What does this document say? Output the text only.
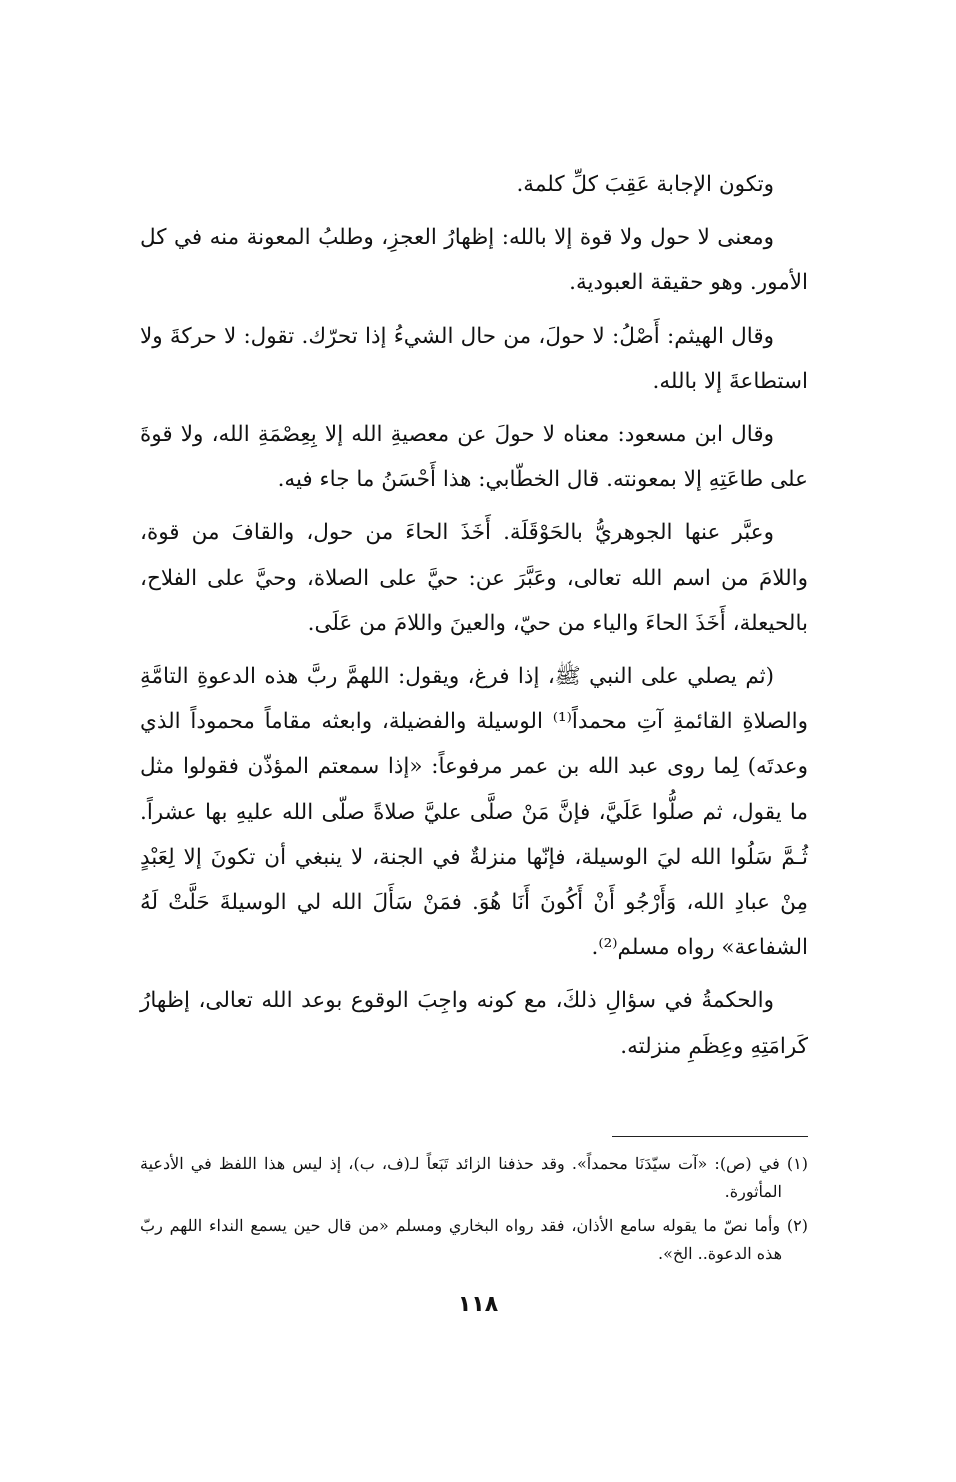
وتكون الإجابة عَقِبَ كلِّ كلمة.

ومعنى لا حول ولا قوة إلا بالله: إظهارُ العجزِ، وطلبُ المعونة منه في كل الأمور. وهو حقيقة العبودية.

وقال الهيثم: أَصْلُ: لا حولَ، من حال الشيءُ إذا تحرّك. تقول: لا حركةَ ولا استطاعةَ إلا بالله.

وقال ابن مسعود: معناه لا حولَ عن معصيةِ الله إلا بِعِصْمَةِ الله، ولا قوةَ على طاعَتِهِ إلا بمعونته. قال الخطّابي: هذا أَحْسَنُ ما جاء فيه.

وعبَّر عنها الجوهريُّ بالحَوْقَلَة. أَخَذَ الحاءَ من حول، والقافَ من قوة، واللامَ من اسم الله تعالى، وعَبَّرَ عن: حيَّ على الصلاة، وحيَّ على الفلاح، بالحيعلة، أَخَذَ الحاءَ والياء من حيّ، والعينَ واللامَ من عَلَى.

(ثم يصلي على النبي ﷺ، إذا فرغ، ويقول: اللهمَّ ربَّ هذه الدعوةِ التامَّةِ والصلاةِ القائمةِ آتِ محمداً⁽¹⁾ الوسيلة والفضيلة، وابعثه مقاماً محموداً الذي وعدتَه) لِما روى عبد الله بن عمر مرفوعاً: «إذا سمعتم المؤذّن فقولوا مثل ما يقول، ثم صلُّوا عَلَيَّ، فإنَّ مَنْ صلَّى عليَّ صلاةً صلّى الله عليهِ بها عشراً. ثُـمَّ سَلُوا الله ليَ الوسيلة، فإنّها منزلةٌ في الجنة، لا ينبغي أن تكونَ إلا لِعَبْدٍ مِنْ عبادِ الله، وَأَرْجُو أَنْ أَكُونَ أَنَا هُوَ. فمَنْ سَأَلَ الله لي الوسيلةَ حَلَّتْ لَهُ الشفاعة» رواه مسلم⁽²⁾.

والحكمةُ في سؤالِ ذلكَ، مع كونه واجِبَ الوقوع بوعد الله تعالى، إظهارُ كَرامَتِهِ وعِظَمِ منزلته.

(١) في (ص): «آت سيّدَنَا محمداً». وقد حذفنا الزائد تَبَعاً لـ(ف، ب)، إذ ليس هذا اللفظ في الأدعية المأثورة.

(٢) وأما نصّ ما يقوله سامع الأذان، فقد رواه البخاري ومسلم «من قال حين يسمع النداء اللهم ربّ هذه الدعوة.. الخ».

١١٨
